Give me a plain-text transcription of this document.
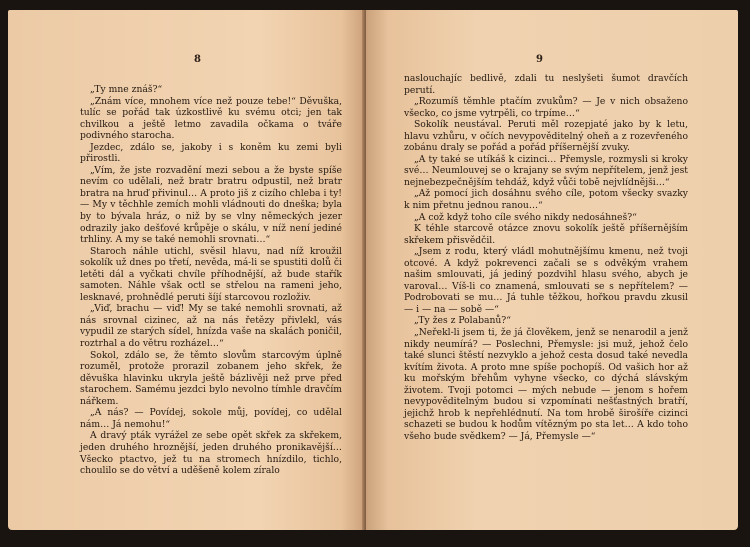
8

„Ty mne znáš?“

„Znám více, mnohem více než pouze tebe!“ Děvuška, tulíc se pořád tak úzkostlivě ku svému otci; jen tak chvilkou a ještě letmo zavadila očkama o tváře podivného starocha.

Jezdec, zdálo se, jakoby i s koněm ku zemi byli přirostli.

„Vím, že jste rozvadění mezi sebou a že byste spíše nevím co udělali, než bratr bratru odpustil, než bratr bratra na hruď přivinul… A proto jiš z cizího chleba i ty! — My v těchhle zemích mohli vládnouti do dneška; byla by to bývala hráz, o niž by se vlny německých jezer odrazily jako dešťové krůpěje o skálu, v níž není jediné trhliny. A my se také nemohli srovnati…“

Staroch náhle utichl, svěsil hlavu, nad níž kroužil sokolík už dnes po třetí, nevěda, má-li se spustiti dolů či letěti dál a vyčkati chvíle příhodnější, až bude stařík samoten. Náhle však octl se střelou na rameni jeho, lesknavé, prohnědlé peruti šíjí starcovou rozloživ.

„Viď, brachu — viď! My se také nemohli srovnati, až nás srovnal cizinec, až na nás řetězy přivlekl, vás vypudil ze starých sídel, hnízda vaše na skalách poničil, roztrhal a do větru rozházel…“

Sokol, zdálo se, že těmto slovům starcovým úplně rozuměl, protože prorazil zobanem jeho skřek, že děvuška hlavinku ukryla ještě bázlivěji než prve před starochem. Samému jezdci bylo nevolno tímhle dravčím nářkem.

„A nás? — Povídej, sokole můj, povídej, co udělal nám… Já nemohu!“

A dravý pták vyrážel ze sebe opět skřek za skřekem, jeden druhého hroznější, jeden druhého pronikavější… Všecko ptactvo, jež tu na stromech hnízdilo, tichlo, choulilo se do větví a uděšeně kolem zíralo

9

naslouchajíc bedlivě, zdali tu neslyšeti šumot dravčích perutí.

„Rozumíš těmhle ptačím zvukům? — Je v nich obsaženo všecko, co jsme vytrpěli, co trpíme…“

Sokolík neustával. Peruti měl rozepjaté jako by k letu, hlavu vzhůru, v očích nevypověditelný oheň a z rozevřeného zobánu draly se pořád a pořád příšernější zvuky.

„A ty také se utíkáš k cizinci… Přemysle, rozmysli si kroky své… Neumlouvej se o krajany se svým nepřítelem, jenž jest nejnebezpečnějším tehdáž, když vůči tobě nejvlídnějši…“

„Až pomocí jich dosáhnu svého cíle, potom všecky svazky k nim přetnu jednou ranou…“

„A což když toho cíle svého nikdy nedosáhneš?“

K téhle starcově otázce znovu sokolík ještě příšernějším skřekem přisvědčil.

„Jsem z rodu, který vládl mohutnějšímu kmenu, než tvoji otcové. A když pokrevenci začali se s odvěkým vrahem našim smlouvati, já jediný pozdvihl hlasu svého, abych je varoval… Víš-li co znamená, smlouvati se s nepřítelem? — Podrobovati se mu… Já tuhle těžkou, hořkou pravdu zkusil — i — na — sobě —“

„Ty žes z Polabanů?“

„Neřekl-li jsem ti, že já člověkem, jenž se nenarodil a jenž nikdy neumírá? — Poslechni, Přemysle: jsi muž, jehož čelo také slunci štěstí nezvyklo a jehož cesta dosud také nevedla kvítím života. A proto mne spíše pochopíš. Od vašich hor až ku mořským břehům vyhyne všecko, co dýchá slávským životem. Tvoji potomci — mých nebude — jenom s hořem nevypověditelným budou si vzpomínati nešťastných bratří, jejichž hrob k nepřehlédnutí. Na tom hrobě širošíře cizinci schazeti se budou k hodům vítězným po sta let… A kdo toho všeho bude svědkem? — Já, Přemysle —“
